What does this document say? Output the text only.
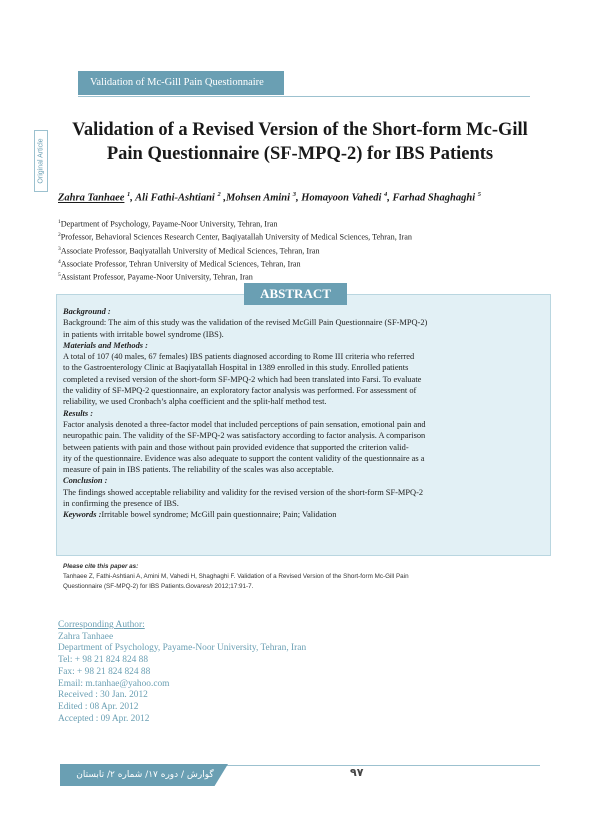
Validation of Mc-Gill Pain Questionnaire
Original Article
Validation of a Revised Version of the Short-form Mc-Gill
Pain Questionnaire (SF-MPQ-2) for IBS Patients
Zahra Tanhaee $^1$, Ali Fathi-Ashtiani $^2$ ,Mohsen Amini $^3$, Homayoon Vahedi $^4$, Farhad Shaghaghi $^5$
$^1$Department of Psychology, Payame-Noor University, Tehran, Iran
$^2$Professor, Behavioral Sciences Research Center, Baqiyatallah University of Medical Sciences, Tehran, Iran
$^3$Associate Professor, Baqiyatallah University of Medical Sciences, Tehran, Iran
$^4$Associate Professor, Tehran University of Medical Sciences, Tehran, Iran
$^5$Assistant Professor, Payame-Noor University, Tehran, Iran
ABSTRACT
Background :
Background: The aim of this study was the validation of the revised McGill Pain Questionnaire (SF-MPQ-2)
in patients with irritable bowel syndrome (IBS).
Materials and Methods :
A total of 107 (40 males, 67 females) IBS patients diagnosed according to Rome III criteria who referred
to the Gastroenterology Clinic at Baqiyatallah Hospital in 1389 enrolled in this study. Enrolled patients
completed a revised version of the short-form SF-MPQ-2 which had been translated into Farsi. To evaluate
the validity of SF-MPQ-2 questionnaire, an exploratory factor analysis was performed. For assessment of
reliability, we used Cronbach’s alpha coefficient and the split-half method test.
Results :
Factor analysis denoted a three-factor model that included perceptions of pain sensation, emotional pain and
neuropathic pain. The validity of the SF-MPQ-2 was satisfactory according to factor analysis. A comparison
between patients with pain and those without pain provided evidence that supported the criterion valid-
ity of the questionnaire. Evidence was also adequate to support the content validity of the questionnaire as a
measure of pain in IBS patients. The reliability of the scales was also acceptable.
Conclusion :
The findings showed acceptable reliability and validity for the revised version of the short-form SF-MPQ-2
in confirming the presence of IBS.
Keywords :Irritable bowel syndrome; McGill pain questionnaire; Pain; Validation
Please cite this paper as:
Tanhaee Z, Fathi-Ashtiani A, Amini M, Vahedi H, Shaghaghi F. Validation of a Revised Version of the Short-form Mc-Gill Pain
Questionnaire (SF-MPQ-2) for IBS Patients.Govaresh 2012;17:91-7.
Corresponding Author:
Zahra Tanhaee
Department of Psychology, Payame-Noor University, Tehran, Iran
Tel: + 98 21 824 824 88
Fax: + 98 21 824 824 88
Email: m.tanhae@yahoo.com
Received : 30 Jan. 2012
Edited : 08 Apr. 2012
Accepted : 09 Apr. 2012
گوارش / دوره ۱۷/ شماره ۲/ تابستان ۱۳۹۱
۹۷
